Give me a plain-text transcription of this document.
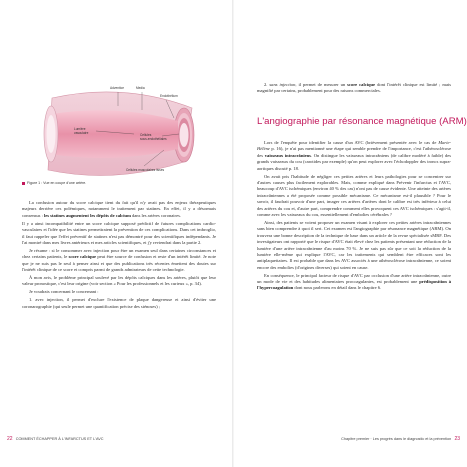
Adventice	Media
Endothélium
Lumière
vasculaire	Cellules
sous-endothéliales
Cellules musculaires lisses
Figure 1 : Vue en coupe d'une artère.

La confusion autour du score calcique tient du fait qu'il n'y avait pas des enjeux thérapeutiques majeurs derrière ces polémiques, notamment le traitement par statines. En effet, il y a désormais consensus : les statines augmentent les dépôts de calcium dans les artères coronaires.

Il y a ainsi incompatibilité entre un score calcique supposé prédictif de futures complications cardio-vasculaires et l'idée que les statines permettraient la prévention de ces complications. Dans cet imbroglio, il faut rappeler que l'effet préventif de statines n'est pas démontré pour des scientifiques indépendants. Je l'ai montré dans mes livres antérieurs et mes articles scientifiques, et j'y reviendrai dans la partie 2.

Je résume : si le consommer avec injection pour être un examen seul dans certaines circonstances et chez certains patients, le score calcique peut être source de confusion et reste d'un intérêt limité. Je note que je ne suis pas le seul à penser ainsi et que des publications très récentes émettent des doutes sur l'intérêt clinique de ce score et compris parmi de grands admirateurs de cette technologie.

À mon avis, le problème principal soulevé par les dépôts calciques dans les artères, plutôt que leur valeur pronostique, c'est leur origine (voir section « Pour les professionnels et les curieux », p. 34).

Je voudrais concernant le concernant :

1. avec injection, il permet d'exclure l'existence de plaque dangereuse et ainsi d'éviter une coronarographie (qui seule permet une quantification précise des sténoses) ;

22 COMMENT ÉCHAPPER À L'INFARCTUS ET L'AVC

2. sans injection, il permet de mesurer un score calcique dont l'intérêt clinique est limité ; mais magnifié par certains, probablement pour des raisons commerciales.

L'angiographie par résonance magnétique (ARM)

Lors de l'enquête pour identifier la cause d'un AVC (brièvement présentée avec le cas de Marie-Hélène p. 16), je n'ai pas mentionné une étape qui semble prendre de l'importance, c'est l'athérosclérose des vaisseaux intracrâniens. On distingue les vaisseaux intracrâniens (de calibre modéré à faible) des grands vaisseaux du cou (carotides par exemple) qu'on peut explorer avec l'échodoppler des troncs supra-aortiques discuté p. 18.

On avait pris l'habitude de négliger ces petites artères et leurs pathologies pour se concentrer sur d'autres causes plus facilement explorables. Mais, comme expliqué dans Prévenir l'infarctus et l'AVC, beaucoup d'AVC ischémiques (environ 40 % des cas) n'ont pas de cause évidente. Une atteinte des artères intracrâniennes a été proposée comme possible mécanisme. Ce mécanisme est-il plausible ? Pour le savoir, il faudrait pouvoir d'une part, imager ces artères d'artères dont le calibre est très inférieur à celui des artères du cou et, d'autre part, comprendre comment elles provoquent ces AVC ischémiques : s'agit-il, comme avec les vaisseaux du cou, essentiellement d'embolies cérébrales ?

Ainsi, des patients se voient proposer un examen visant à explorer ces petites artères intracrâniennes sans bien comprendre à quoi il sert. Cet examen est l'angiographie par résonance magnétique (ARM). On trouvera une bonne description de la technique de base dans un article de la revue spécialisée sMRF. Des investigateurs ont rapporté que le risque d'AVC était élevé chez les patients présentant une réduction de la lumière d'une artère intracrânienne d'au moins 70 %. Je ne suis pas sûr que ce soit la réduction de la lumière elle-même qui explique l'AVC, car les traitements qui semblent être efficaces sont les antiplaquettaires. Il est probable que dans les AVC associés à une athérosclérose intracrânienne, ce soient encore des embolies (d'origines diverses) qui soient en cause.

En conséquence, le principal facteur de risque d'AVC par occlusion d'une artère intracrânienne, outre un mode de vie et des habitudes alimentaires procoagulantes, est probablement une prédisposition à l'hypercoagulation dont nous parlerons en détail dans le chapitre 6.

Chapitre premier · Les progrès dans le diagnostic et la prévention 23
